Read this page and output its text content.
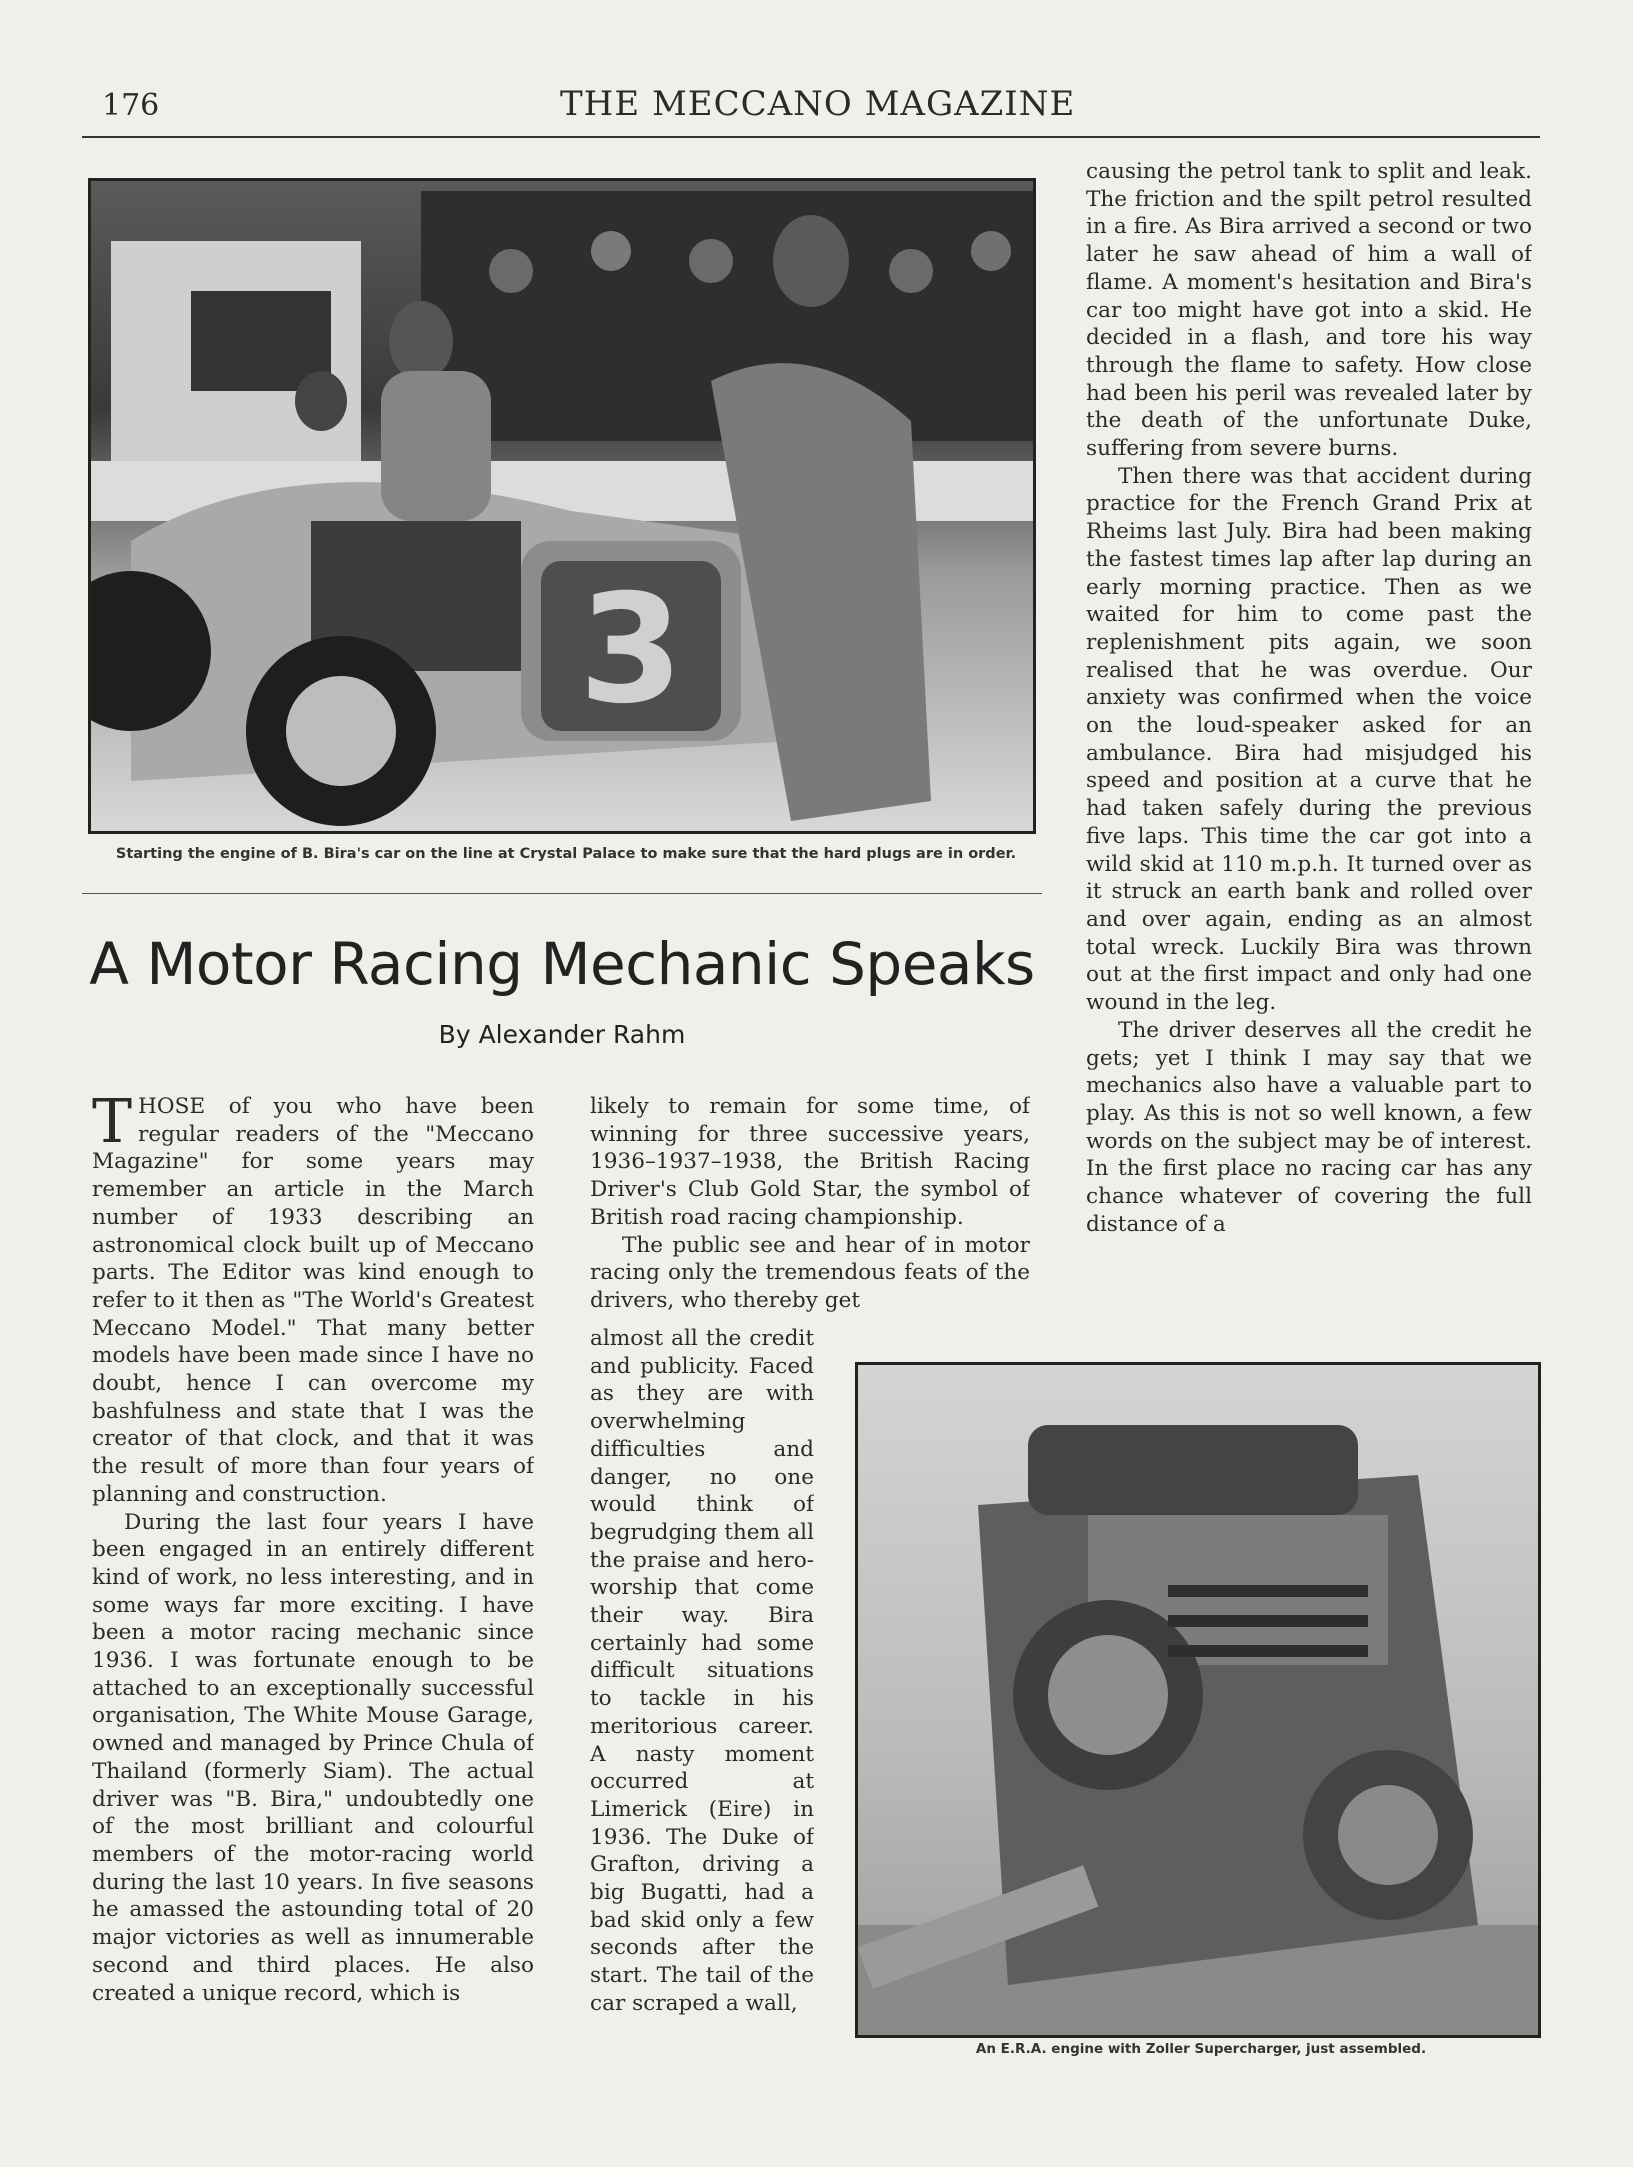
176	THE MECCANO MAGAZINE
3
Starting the engine of B. Bira's car on the line at Crystal Palace to make sure that the hard plugs are in order.
A Motor Racing Mechanic Speaks
By Alexander Rahm

THOSE of you who have been regular readers of the "Meccano Magazine" for some years may remember an article in the March number of 1933 describing an astronomical clock built up of Meccano parts. The Editor was kind enough to refer to it then as "The World's Greatest Meccano Model." That many better models have been made since I have no doubt, hence I can overcome my bashfulness and state that I was the creator of that clock, and that it was the result of more than four years of planning and construction.

During the last four years I have been engaged in an entirely different kind of work, no less interesting, and in some ways far more exciting. I have been a motor racing mechanic since 1936. I was fortunate enough to be attached to an exceptionally successful organisation, The White Mouse Garage, owned and managed by Prince Chula of Thailand (formerly Siam). The actual driver was "B. Bira," undoubtedly one of the most brilliant and colourful members of the motor-racing world during the last 10 years. In five seasons he amassed the astounding total of 20 major victories as well as innumerable second and third places. He also created a unique record, which is

likely to remain for some time, of winning for three successive years, 1936–1937–1938, the British Racing Driver's Club Gold Star, the symbol of British road racing championship.

The public see and hear of in motor racing only the tremendous feats of the drivers, who thereby get

almost all the credit and publicity. Faced as they are with overwhelming difficulties and danger, no one would think of begrudging them all the praise and hero-worship that come their way. Bira certainly had some difficult situations to tackle in his meritorious career. A nasty moment occurred at Limerick (Eire) in 1936. The Duke of Grafton, driving a big Bugatti, had a bad skid only a few seconds after the start. The tail of the car scraped a wall,

causing the petrol tank to split and leak. The friction and the spilt petrol resulted in a fire. As Bira arrived a second or two later he saw ahead of him a wall of flame. A moment's hesitation and Bira's car too might have got into a skid. He decided in a flash, and tore his way through the flame to safety. How close had been his peril was revealed later by the death of the unfortunate Duke, suffering from severe burns.

Then there was that accident during practice for the French Grand Prix at Rheims last July. Bira had been making the fastest times lap after lap during an early morning practice. Then as we waited for him to come past the replenishment pits again, we soon realised that he was overdue. Our anxiety was confirmed when the voice on the loud-speaker asked for an ambulance. Bira had misjudged his speed and position at a curve that he had taken safely during the previous five laps. This time the car got into a wild skid at 110 m.p.h. It turned over as it struck an earth bank and rolled over and over again, ending as an almost total wreck. Luckily Bira was thrown out at the first impact and only had one wound in the leg.

The driver deserves all the credit he gets; yet I think I may say that we mechanics also have a valuable part to play. As this is not so well known, a few words on the subject may be of interest. In the first place no racing car has any chance whatever of covering the full distance of a

An E.R.A. engine with Zoller Supercharger, just assembled.
